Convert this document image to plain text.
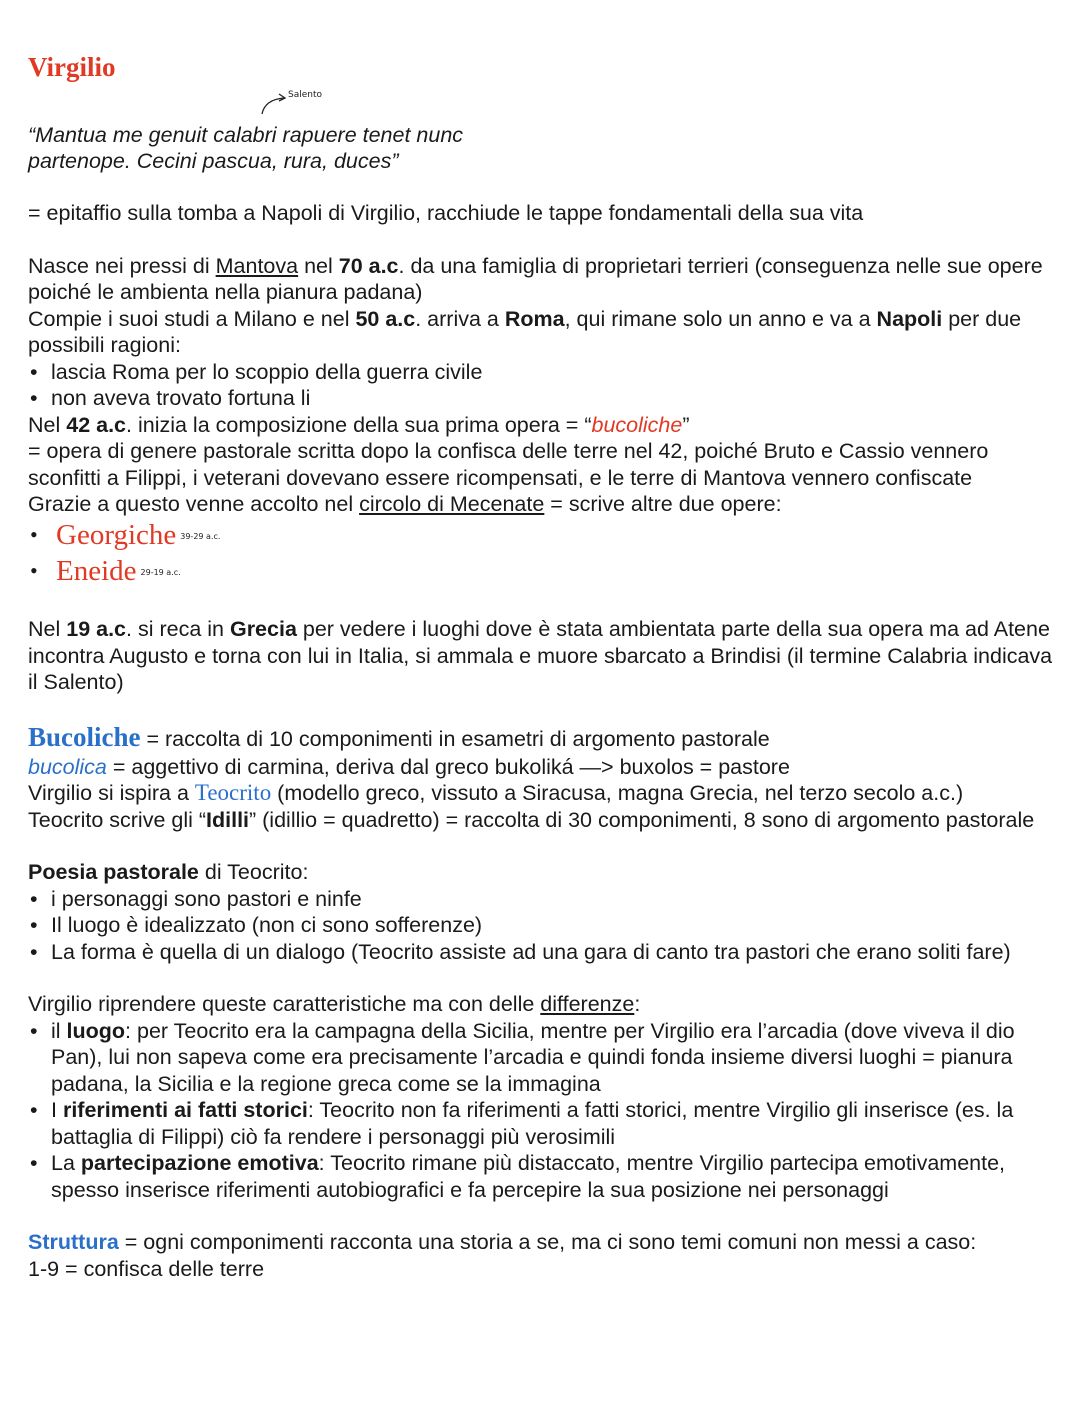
Virgilio
Salento
“Mantua me genuit calabri rapuere tenet nunc
partenope. Cecini pascua, rura, duces”

= epitaffio sulla tomba a Napoli di Virgilio, racchiude le tappe fondamentali della sua vita

Nasce nei pressi di Mantova nel 70 a.c. da una famiglia di proprietari terrieri (conseguenza nelle sue opere poiché le ambienta nella pianura padana)

Compie i suoi studi a Milano e nel 50 a.c. arriva a Roma, qui rimane solo un anno e va a Napoli per due possibili ragioni:

• lascia Roma per lo scoppio della guerra civile
• non aveva trovato fortuna li

Nel 42 a.c. inizia la composizione della sua prima opera = “bucoliche”

= opera di genere pastorale scritta dopo la confisca delle terre nel 42, poiché Bruto e Cassio vennero sconfitti a Filippi, i veterani dovevano essere ricompensati, e le terre di Mantova vennero confiscate

Grazie a questo venne accolto nel circolo di Mecenate = scrive altre due opere:

• Georgiche 39-29 a.c.
• Eneide 29-19 a.c.

Nel 19 a.c. si reca in Grecia per vedere i luoghi dove è stata ambientata parte della sua opera ma ad Atene incontra Augusto e torna con lui in Italia, si ammala e muore sbarcato a Brindisi (il termine Calabria indicava il Salento)

Bucoliche = raccolta di 10 componimenti in esametri di argomento pastorale

bucolica = aggettivo di carmina, deriva dal greco bukoliká —> buxolos = pastore

Virgilio si ispira a Teocrito (modello greco, vissuto a Siracusa, magna Grecia, nel terzo secolo a.c.)

Teocrito scrive gli “Idilli” (idillio = quadretto) = raccolta di 30 componimenti, 8 sono di argomento pastorale

Poesia pastorale di Teocrito:

• i personaggi sono pastori e ninfe
• Il luogo è idealizzato (non ci sono sofferenze)
• La forma è quella di un dialogo (Teocrito assiste ad una gara di canto tra pastori che erano soliti fare)

Virgilio riprendere queste caratteristiche ma con delle differenze:

• il luogo: per Teocrito era la campagna della Sicilia, mentre per Virgilio era l’arcadia (dove viveva il dio Pan), lui non sapeva come era precisamente l’arcadia e quindi fonda insieme diversi luoghi = pianura padana, la Sicilia e la regione greca come se la immagina
• I riferimenti ai fatti storici: Teocrito non fa riferimenti a fatti storici, mentre Virgilio gli inserisce (es. la battaglia di Filippi) ciò fa rendere i personaggi più verosimili
• La partecipazione emotiva: Teocrito rimane più distaccato, mentre Virgilio partecipa emotivamente, spesso inserisce riferimenti autobiografici e fa percepire la sua posizione nei personaggi

Struttura = ogni componimenti racconta una storia a se, ma ci sono temi comuni non messi a caso:

1-9 = confisca delle terre
